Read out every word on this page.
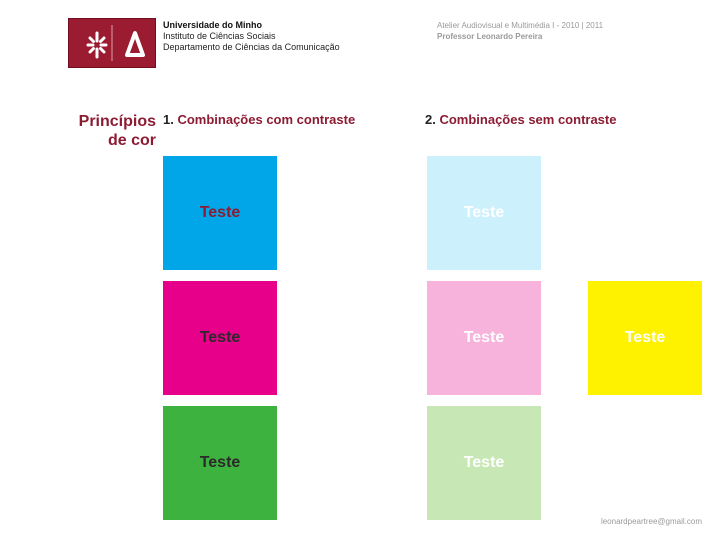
Universidade do Minho
Instituto de Ciências Sociais
Departamento de Ciências da Comunicação
Atelier Audiovisual e Multimédia I - 2010 | 2011
Professor Leonardo Pereira
Princípios
de cor
1. Combinações com contraste	2. Combinações sem contraste
Teste
Teste
Teste
Teste
Teste
Teste
Teste
leonardpeartree@gmail.com
